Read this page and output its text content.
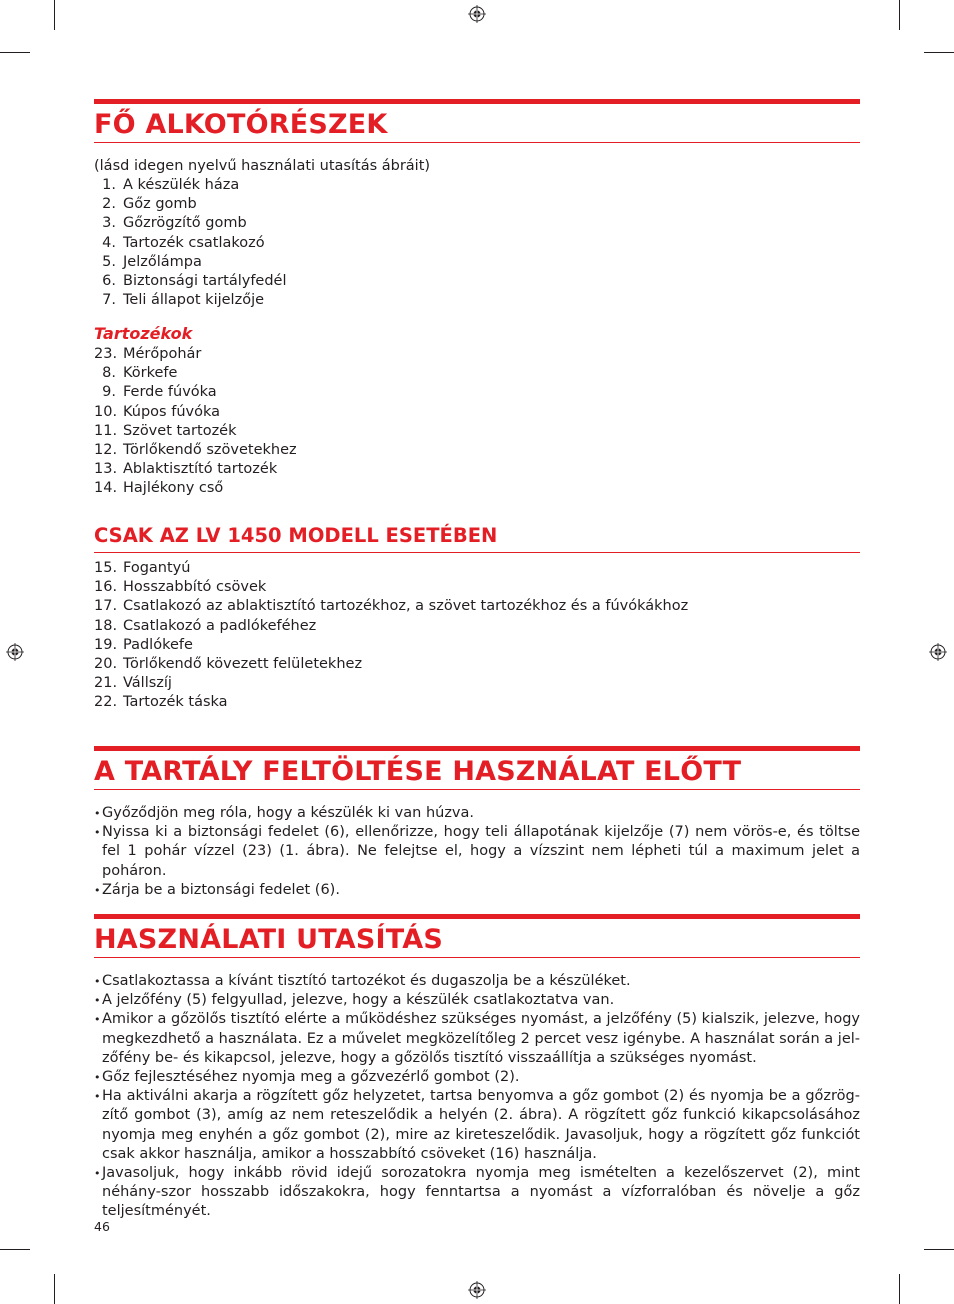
FŐ ALKOTÓRÉSZEK
(lásd idegen nyelvű használati utasítás ábráit)
1. A készülék háza
2. Gőz gomb
3. Gőzrögzítő gomb
4. Tartozék csatlakozó
5. Jelzőlámpa
6. Biztonsági tartályfedél
7. Teli állapot kijelzője
Tartozékok
23. Mérőpohár
8. Körkefe
9. Ferde fúvóka
10. Kúpos fúvóka
11. Szövet tartozék
12. Törlőkendő szövetekhez
13. Ablaktisztító tartozék
14. Hajlékony cső
CSAK AZ LV 1450 MODELL ESETÉBEN
15. Fogantyú
16. Hosszabbító csövek
17. Csatlakozó az ablaktisztító tartozékhoz, a szövet tartozékhoz és a fúvókákhoz
18. Csatlakozó a padlókeféhez
19. Padlókefe
20. Törlőkendő kövezett felületekhez
21. Vállszíj
22. Tartozék táska
A TARTÁLY FELTÖLTÉSE HASZNÁLAT ELŐTT
• Győződjön meg róla, hogy a készülék ki van húzva.
• Nyissa ki a biztonsági fedelet (6), ellenőrizze, hogy teli állapotának kijelzője (7) nem vörös-e, és töltse fel 1 pohár vízzel (23) (1. ábra). Ne felejtse el, hogy a vízszint nem lépheti túl a maximum jelet a poháron.
• Zárja be a biztonsági fedelet (6).
HASZNÁLATI UTASÍTÁS
• Csatlakoztassa a kívánt tisztító tartozékot és dugaszolja be a készüléket.
• A jelzőfény (5) felgyullad, jelezve, hogy a készülék csatlakoztatva van.
• Amikor a gőzölős tisztító elérte a működéshez szükséges nyomást, a jelzőfény (5) kialszik, jelezve, hogy megkezdhető a használata. Ez a művelet megközelítőleg 2 percet vesz igénybe. A használat során a jel-zőfény be- és kikapcsol, jelezve, hogy a gőzölős tisztító visszaállítja a szükséges nyomást.
• Gőz fejlesztéséhez nyomja meg a gőzvezérlő gombot (2).
• Ha aktiválni akarja a rögzített gőz helyzetet, tartsa benyomva a gőz gombot (2) és nyomja be a gőzrög-zítő gombot (3), amíg az nem reteszelődik a helyén (2. ábra). A rögzített gőz funkció kikapcsolásához nyomja meg enyhén a gőz gombot (2), mire az kireteszelődik. Javasoljuk, hogy a rögzített gőz funkciót csak akkor használja, amikor a hosszabbító csöveket (16) használja.
• Javasoljuk, hogy inkább rövid idejű sorozatokra nyomja meg ismételten a kezelőszervet (2), mint néhány-szor hosszabb időszakokra, hogy fenntartsa a nyomást a vízforralóban és növelje a gőz teljesítményét.
46
